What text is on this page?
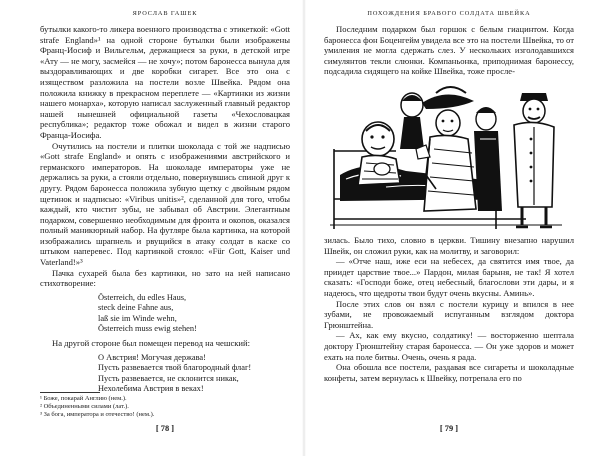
ЯРОСЛАВ ГАШЕК

бутылки какого-то ликера военного производства с этикеткой: «Gott strafe England»¹ на одной стороне бутылки были изображены Франц-Иосиф и Вильгельм, держащиеся за руки, в детской игре «Ату — не могу, засмейся — не хочу»; потом баронесса вынула для выздоравливающих и две коробки сигарет. Все это она с изяществом разложила на постели возле Швейка. Рядом она положила книжку в прекрасном переплете — «Картинки из жизни нашего монарха», которую написал заслуженный главный редактор нашей нынешней официальной газеты «Чехословацкая республика»; редактор тоже обожал и видел в жизни старого Франца-Иосифа.

Очутились на постели и плитки шоколада с той же надписью «Gott strafe England» и опять с изображениями австрийского и германского императоров. На шоколаде императоры уже не держались за руки, а стояли отдельно, повернувшись спиной друг к другу. Рядом баронесса положила зубную щетку с двойным рядом щетинок и надписью: «Viribus unitis»², сделанной для того, чтобы каждый, кто чистит зубы, не забывал об Австрии. Элегантным подарком, совершенно необходимым для фронта и окопов, оказался полный маникюрный набор. На футляре была картинка, на которой изображались шрапнель и рвущийся в атаку солдат в каске со штыком наперевес. Под картинкой стояло: «Für Gott, Kaiser und Vaterland!»³

Пачка сухарей была без картинки, но зато на ней написано стихотворение:

Österreich, du edles Haus,
steck deine Fahne aus,
laß sie im Winde wehn,
Österreich muss ewig stehen!

На другой стороне был помещен перевод на чешский:

О Австрия! Могучая держава!
Пусть развевается твой благородный флаг!
Пусть развевается, не склонится никак,
Нехолебима Австрия в веках!
¹ Боже, покарай Англию (нем.).
² Объединенными силами (лат.).
³ За бога, императора и отечество! (нем.).
[ 78 ]
ПОХОЖДЕНИЯ БРАВОГО СОЛДАТА ШВЕЙКА

Последним подарком был горшок с белым гиацинтом. Когда баронесса фон Боценгейм увидела все это на постели Швейка, то от умиления не могла сдержать слез. У нескольких изголодавшихся симулянтов текли слюнки. Компаньонка, приподнимая баронессу, подсадила сидящего на койке Швейка, тоже просле-

зилась. Было тихо, словно в церкви. Тишину внезапно нарушил Швейк, он сложил руки, как на молитву, и заговорил:

— «Отче наш, иже еси на небесех, да святится имя твое, да приидет царствие твое...» Пардон, милая барыня, не так! Я хотел сказать: «Господи боже, отец небесный, благослови эти дары, и я надеюсь, что щедроты твои будут очень вкусны. Аминь».

После этих слов он взял с постели курицу и впился в нее зубами, не провожаемый испуганным взглядом доктора Грюнштейна.

— Ах, как ему вкусно, солдатику! — восторженно шептала доктору Грюнштейну старая баронесса. — Он уже здоров и может ехать на поле битвы. Очень, очень я рада.

Она обошла все постели, раздавая все сигареты и шоколадные конфеты, затем вернулась к Швейку, потрепала его по

[ 79 ]
